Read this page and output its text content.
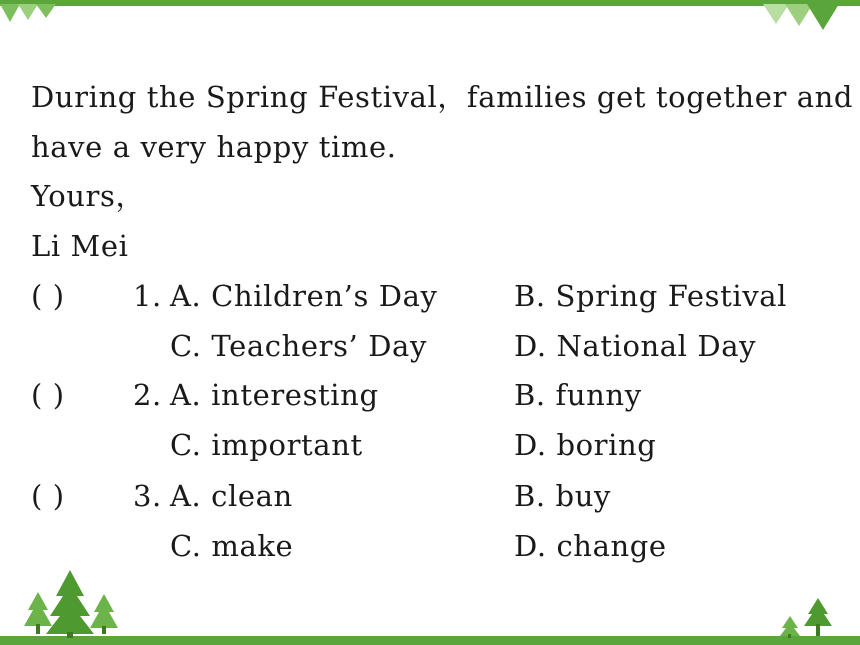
During the Spring Festival，families get together and
have a very happy time.
Yours，
Li Mei
( ) 1. A. Children’s Day	B. Spring Festival
C. Teachers’ Day	D. National Day
( ) 2. A. interesting	B. funny
C. important	D. boring
( ) 3. A. clean	B. buy
C. make	D. change
